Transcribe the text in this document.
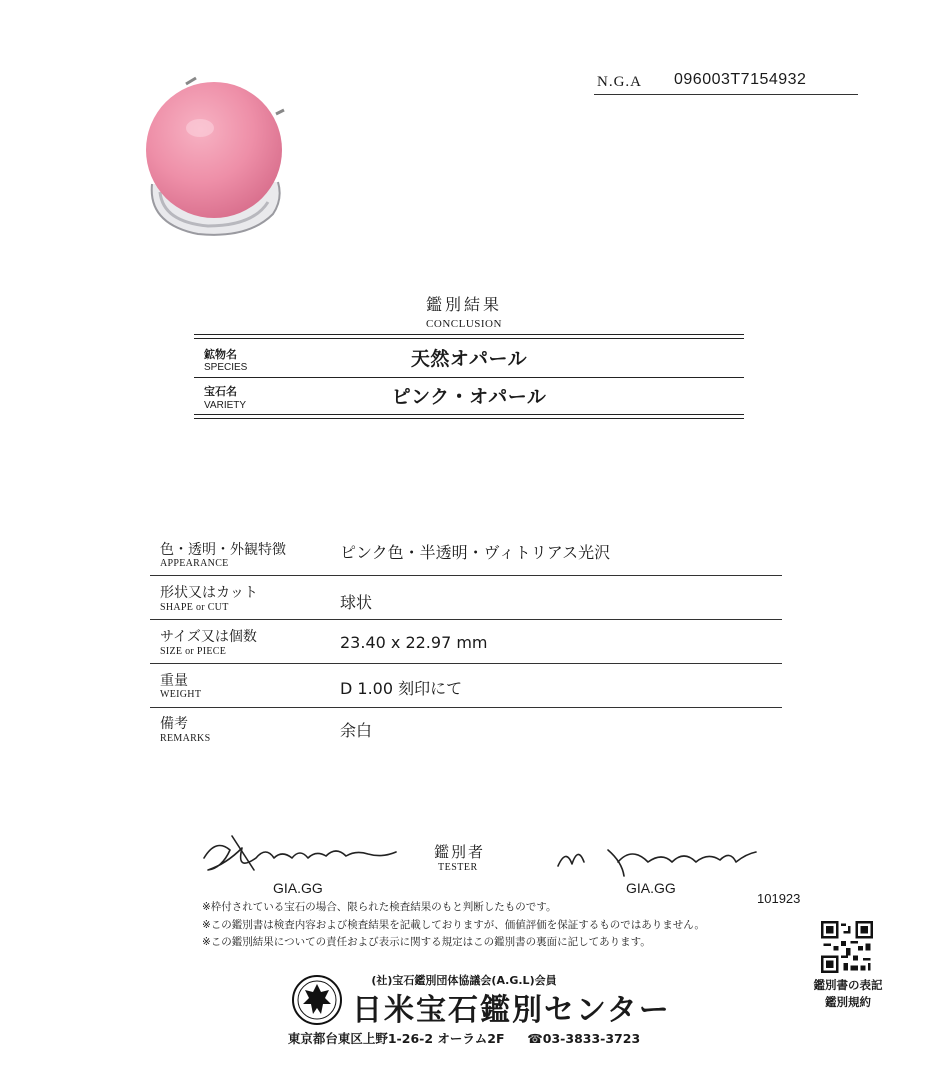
N.G.A 096003T7154932
鑑別結果
CONCLUSION
鉱物名
SPECIES	天然オパール
宝石名
VARIETY	ピンク・オパール
色・透明・外観特徴
APPEARANCE
ピンク色・半透明・ヴィトリアス光沢
形状又はカット
SHAPE or CUT	球状
サイズ又は個数
SIZE or PIECE	23.40 x 22.97 mm
重量
WEIGHT	D 1.00 刻印にて
備考
REMARKS	余白
鑑別者
TESTER
GIA.GG	GIA.GG
101923
※枠付されている宝石の場合、限られた検査結果のもと判断したものです。
※この鑑別書は検査内容および検査結果を記載しておりますが、価値評価を保証するものではありません。
※この鑑別結果についての責任および表示に関する規定はこの鑑別書の裏面に記してあります。
鑑別書の表記
鑑別規約
(社)宝石鑑別団体協議会(A.G.L)会員
日米宝石鑑別センター
東京都台東区上野1-26-2 オーラム2F ☎03-3833-3723
